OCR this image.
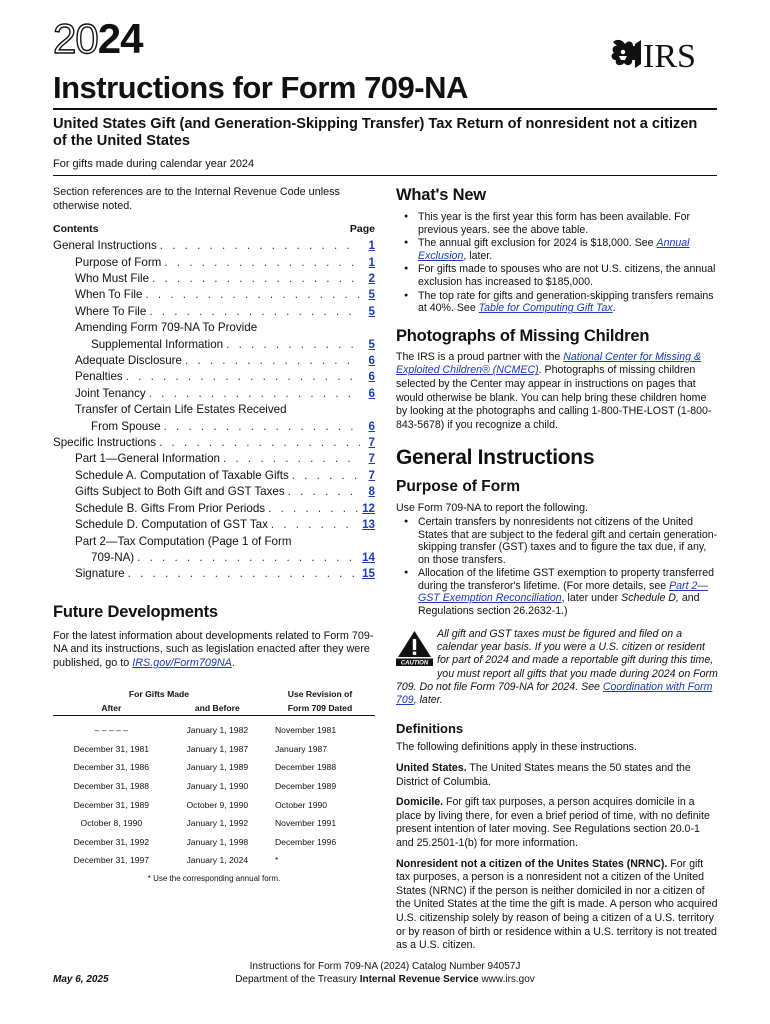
2024	IRS
Instructions for Form 709-NA
United States Gift (and Generation-Skipping Transfer) Tax Return of nonresident not a citizen of the United States
For gifts made during calendar year 2024
Section references are to the Internal Revenue Code unless otherwise noted.
Contents	Page
General Instructions . . .	1
Purpose of Form . . .	1
Who Must File . . .	2
When To File . . .	5
Where To File . . .	5
Amending Form 709-NA To Provide
Supplemental Information . . .	5
Adequate Disclosure . . .	6
Penalties . . .	6
Joint Tenancy . . .	6
Transfer of Certain Life Estates Received
From Spouse . . .	6
Specific Instructions . . .	7
Part 1—General Information . . .	7
Schedule A. Computation of Taxable Gifts . . .	7
Gifts Subject to Both Gift and GST Taxes . . .	8
Schedule B. Gifts From Prior Periods . . .	12
Schedule D. Computation of GST Tax . . .	13
Part 2—Tax Computation (Page 1 of Form
709-NA) . . .	14
Signature . . .	15
Future Developments
For the latest information about developments related to Form 709-NA and its instructions, such as legislation enacted after they were published, go to IRS.gov/Form709NA.
For Gifts Made		Use Revision of
After	and Before	Form 709 Dated

– – – – –	January 1, 1982	November 1981
December 31, 1981	January 1, 1987	January 1987
December 31, 1986	January 1, 1989	December 1988
December 31, 1988	January 1, 1990	December 1989
December 31, 1989	October 9, 1990	October 1990
October 8, 1990	January 1, 1992	November 1991
December 31, 1992	January 1, 1998	December 1996
December 31, 1997	January 1, 2024	*
* Use the corresponding annual form.
What's New
● This year is the first year this form has been available. For previous years. see the above table.
● The annual gift exclusion for 2024 is $18,000. See Annual Exclusion, later.
● For gifts made to spouses who are not U.S. citizens, the annual exclusion has increased to $185,000.
● The top rate for gifts and generation-skipping transfers remains at 40%. See Table for Computing Gift Tax.
Photographs of Missing Children
The IRS is a proud partner with the National Center for Missing & Exploited Children® (NCMEC). Photographs of missing children selected by the Center may appear in instructions on pages that would otherwise be blank. You can help bring these children home by looking at the photographs and calling 1-800-THE-LOST (1-800-843-5678) if you recognize a child.
General Instructions
Purpose of Form
Use Form 709-NA to report the following.
● Certain transfers by nonresidents not citizens of the United States that are subject to the federal gift and certain generation-skipping transfer (GST) taxes and to figure the tax due, if any, on those transfers.
● Allocation of the lifetime GST exemption to property transferred during the transferor's lifetime. (For more details, see Part 2—GST Exemption Reconciliation, later under Schedule D, and Regulations section 26.2632-1.)
CAUTION
All gift and GST taxes must be figured and filed on a calendar year basis. If you were a U.S. citizen or resident for part of 2024 and made a reportable gift during this time, you must report all gifts that you made during 2024 on Form 709. Do not file Form 709-NA for 2024. See Coordination with Form 709, later.
Definitions
The following definitions apply in these instructions.
United States. The United States means the 50 states and the District of Columbia.
Domicile. For gift tax purposes, a person acquires domicile in a place by living there, for even a brief period of time, with no definite present intention of later moving. See Regulations section 20.0-1 and 25.2501-1(b) for more information.
Nonresident not a citizen of the Unites States (NRNC). For gift tax purposes, a person is a nonresident not a citizen of the United States (NRNC) if the person is neither domiciled in nor a citizen of the United States at the time the gift is made. A person who acquired U.S. citizenship solely by reason of being a citizen of a U.S. territory or by reason of birth or residence within a U.S. territory is not treated as a U.S. citizen.
May 6, 2025
Instructions for Form 709-NA (2024) Catalog Number 94057J
Department of the Treasury Internal Revenue Service www.irs.gov
